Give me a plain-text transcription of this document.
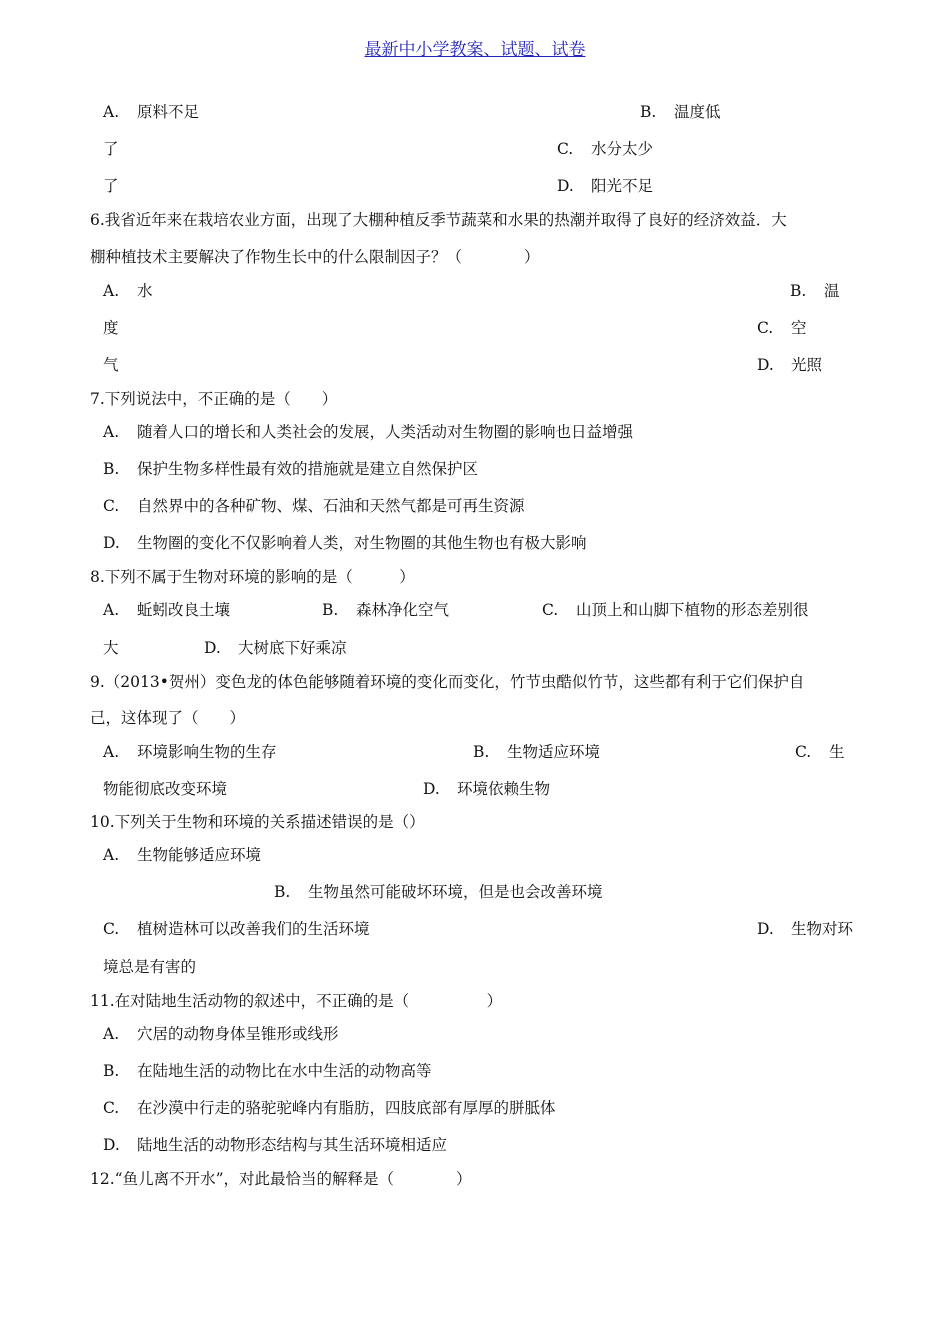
最新中小学教案、试题、试卷
A. 原料不足	B. 温度低
了	C. 水分太少
了	D. 阳光不足
6.我省近年来在栽培农业方面，出现了大棚种植反季节蔬菜和水果的热潮并取得了良好的经济效益．大
棚种植技术主要解决了作物生长中的什么限制因子？（　　　　）
A. 水	B. 温
度	C. 空
气	D. 光照
7.下列说法中，不正确的是（　　）
A. 随着人口的增长和人类社会的发展，人类活动对生物圈的影响也日益增强
B. 保护生物多样性最有效的措施就是建立自然保护区
C. 自然界中的各种矿物、煤、石油和天然气都是可再生资源
D. 生物圈的变化不仅影响着人类，对生物圈的其他生物也有极大影响
8.下列不属于生物对环境的影响的是（　　　）
A. 蚯蚓改良土壤	B. 森林净化空气	C. 山顶上和山脚下植物的形态差别很
大	D. 大树底下好乘凉
9.（2013•贺州）变色龙的体色能够随着环境的变化而变化，竹节虫酷似竹节，这些都有利于它们保护自
己，这体现了（　　）
A. 环境影响生物的生存	B. 生物适应环境	C. 生
物能彻底改变环境	D. 环境依赖生物
10.下列关于生物和环境的关系描述错误的是（）
A. 生物能够适应环境
B. 生物虽然可能破坏环境，但是也会改善环境
C. 植树造林可以改善我们的生活环境	D. 生物对环
境总是有害的
11.在对陆地生活动物的叙述中，不正确的是（　　　　　）
A. 穴居的动物身体呈锥形或线形
B. 在陆地生活的动物比在水中生活的动物高等
C. 在沙漠中行走的骆驼驼峰内有脂肪，四肢底部有厚厚的胼胝体
D. 陆地生活的动物形态结构与其生活环境相适应
12.“鱼儿离不开水”，对此最恰当的解释是（　　　　）
